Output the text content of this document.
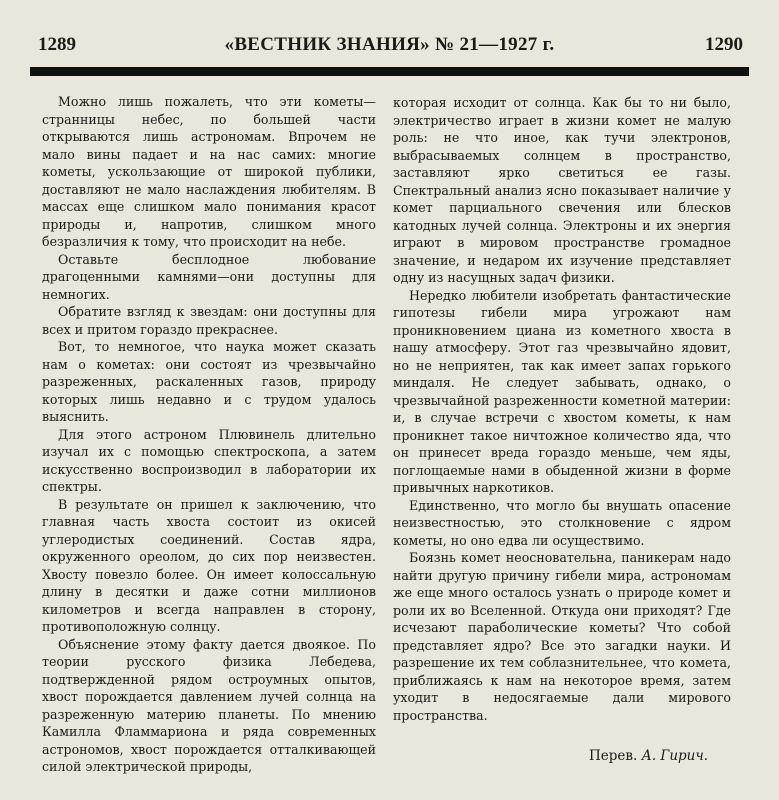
1289	«ВЕСТНИК ЗНАНИЯ» № 21—1927 г.	1290

Можно лишь пожалеть, что эти кометы—странницы небес, по большей части открываются лишь астрономам. Впрочем не мало вины падает и на нас самих: многие кометы, ускользающие от широкой публики, доставляют не мало наслаждения любителям. В массах еще слишком мало понимания красот природы и, напротив, слишком много безразличия к тому, что происходит на небе.

Оставьте бесплодное любование драгоценными камнями—они доступны для немногих.

Обратите взгляд к звездам: они доступны для всех и притом гораздо прекраснее.

Вот, то немногое, что наука может сказать нам о кометах: они состоят из чрезвычайно разреженных, раскаленных газов, природу которых лишь недавно и с трудом удалось выяснить.

Для этого астроном Плювинель длительно изучал их с помощью спектроскопа, а затем искусственно воспроизводил в лаборатории их спектры.

В результате он пришел к заключению, что главная часть хвоста состоит из окисей углеродистых соединений. Состав ядра, окруженного ореолом, до сих пор неизвестен. Хвосту повезло более. Он имеет колоссальную длину в десятки и даже сотни миллионов километров и всегда направлен в сторону, противоположную солнцу.

Объяснение этому факту дается двоякое. По теории русского физика Лебедева, подтвержденной рядом остроумных опытов, хвост порождается давлением лучей солнца на разреженную материю планеты. По мнению Камилла Фламмариона и ряда современных астрономов, хвост порождается отталкивающей силой электрической природы,

которая исходит от солнца. Как бы то ни было, электричество играет в жизни комет не малую роль: не что иное, как тучи электронов, выбрасываемых солнцем в пространство, заставляют ярко светиться ее газы. Спектральный анализ ясно показывает наличие у комет парциального свечения или блесков катодных лучей солнца. Электроны и их энергия играют в мировом пространстве громадное значение, и недаром их изучение представляет одну из насущных задач физики.

Нередко любители изобретать фантастические гипотезы гибели мира угрожают нам проникновением циана из кометного хвоста в нашу атмосферу. Этот газ чрезвычайно ядовит, но не неприятен, так как имеет запах горького миндаля. Не следует забывать, однако, о чрезвычайной разреженности кометной материи: и, в случае встречи с хвостом кометы, к нам проникнет такое ничтожное количество яда, что он принесет вреда гораздо меньше, чем яды, поглощаемые нами в обыденной жизни в форме привычных наркотиков.

Единственно, что могло бы внушать опасение неизвестностью, это столкновение с ядром кометы, но оно едва ли осуществимо.

Боязнь комет неосновательна, паникерам надо найти другую причину гибели мира, астрономам же еще много осталось узнать о природе комет и роли их во Вселенной. Откуда они приходят? Где исчезают параболические кометы? Что собой представляет ядро? Все это загадки науки. И разрешение их тем соблазнительнее, что комета, приближаясь к нам на некоторое время, затем уходит в недосягаемые дали мирового пространства.

Перев. А. Гирич.
